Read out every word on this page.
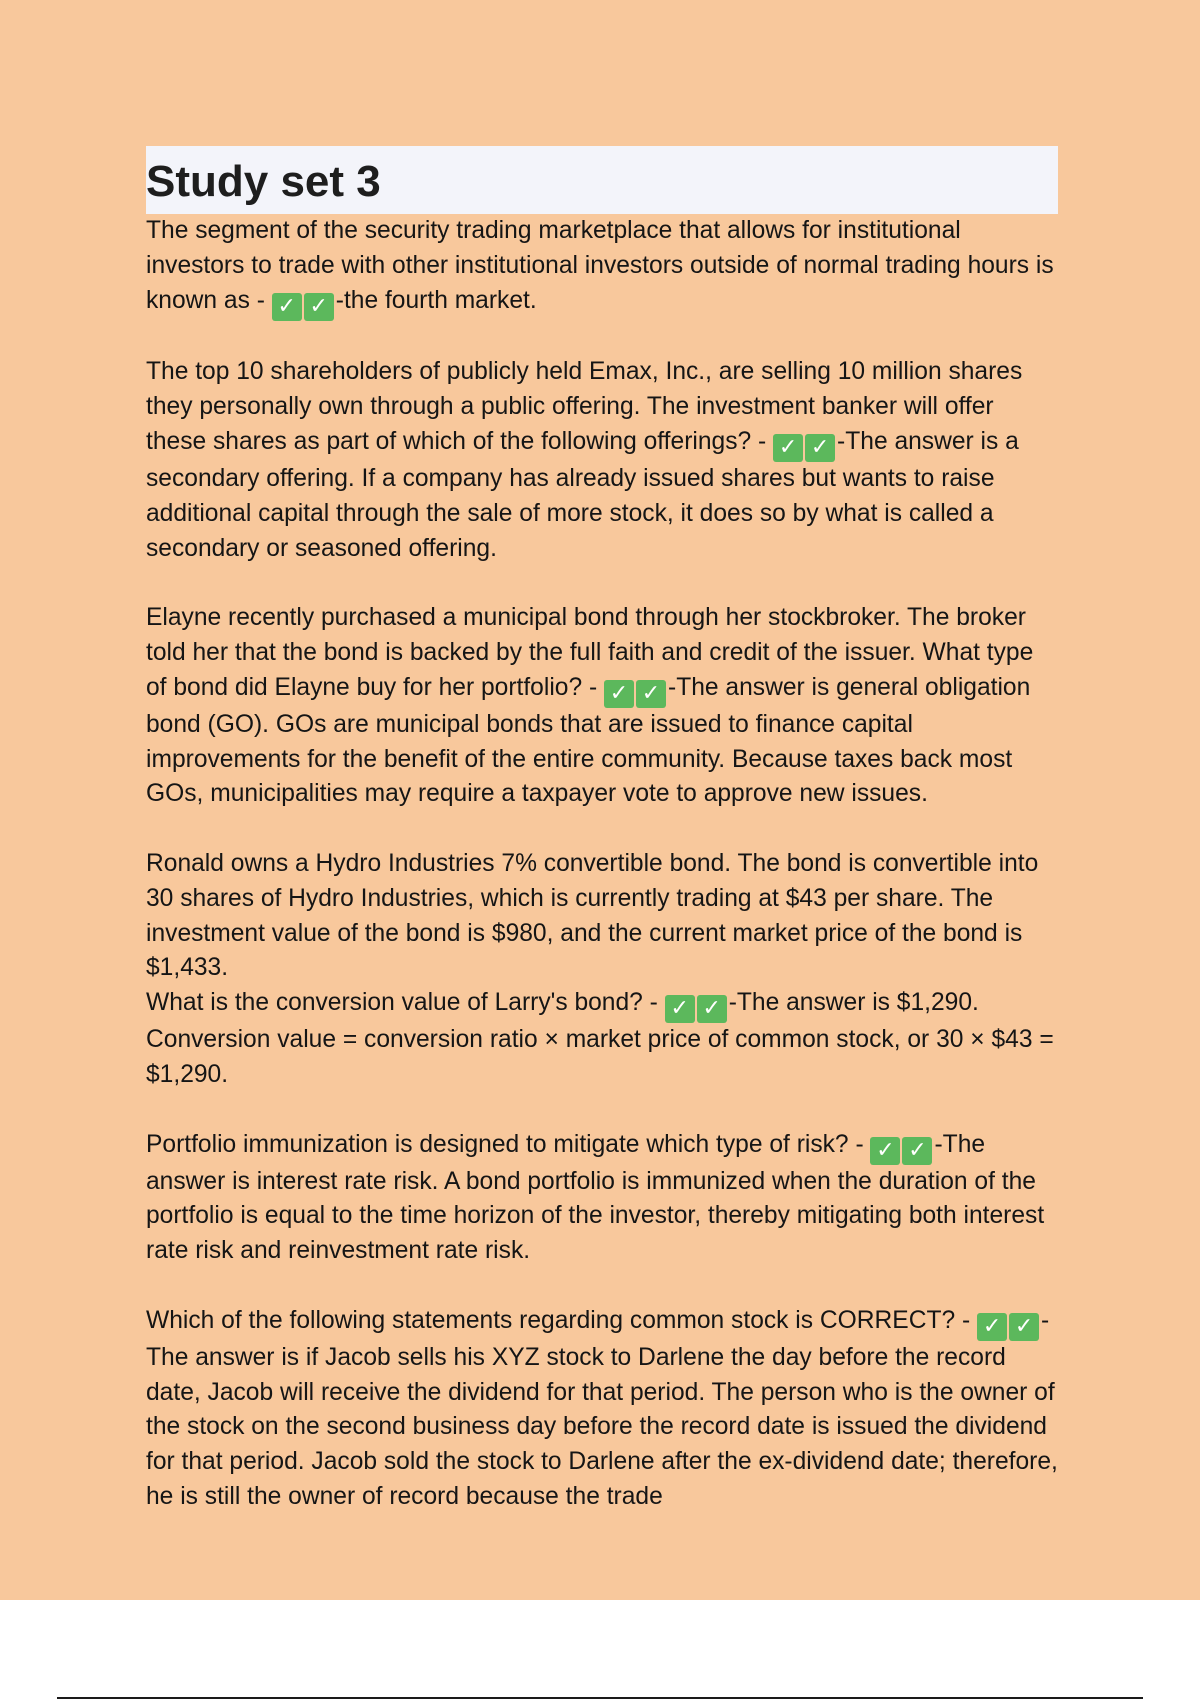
Study set 3

The segment of the security trading marketplace that allows for institutional investors to trade with other institutional investors outside of normal trading hours is known as - ✓ ✓ -the fourth market.

The top 10 shareholders of publicly held Emax, Inc., are selling 10 million shares they personally own through a public offering. The investment banker will offer these shares as part of which of the following offerings? - ✓ ✓ -The answer is a secondary offering. If a company has already issued shares but wants to raise additional capital through the sale of more stock, it does so by what is called a secondary or seasoned offering.

Elayne recently purchased a municipal bond through her stockbroker. The broker told her that the bond is backed by the full faith and credit of the issuer. What type of bond did Elayne buy for her portfolio? - ✓ ✓ -The answer is general obligation bond (GO). GOs are municipal bonds that are issued to finance capital improvements for the benefit of the entire community. Because taxes back most GOs, municipalities may require a taxpayer vote to approve new issues.

Ronald owns a Hydro Industries 7% convertible bond. The bond is convertible into 30 shares of Hydro Industries, which is currently trading at $43 per share. The investment value of the bond is $980, and the current market price of the bond is $1,433.
What is the conversion value of Larry's bond? - ✓ ✓ -The answer is $1,290. Conversion value = conversion ratio × market price of common stock, or 30 × $43 = $1,290.

Portfolio immunization is designed to mitigate which type of risk? - ✓ ✓ -The answer is interest rate risk. A bond portfolio is immunized when the duration of the portfolio is equal to the time horizon of the investor, thereby mitigating both interest rate risk and reinvestment rate risk.

Which of the following statements regarding common stock is CORRECT? - ✓ ✓ -The answer is if Jacob sells his XYZ stock to Darlene the day before the record date, Jacob will receive the dividend for that period. The person who is the owner of the stock on the second business day before the record date is issued the dividend for that period. Jacob sold the stock to Darlene after the ex-dividend date; therefore, he is still the owner of record because the trade
